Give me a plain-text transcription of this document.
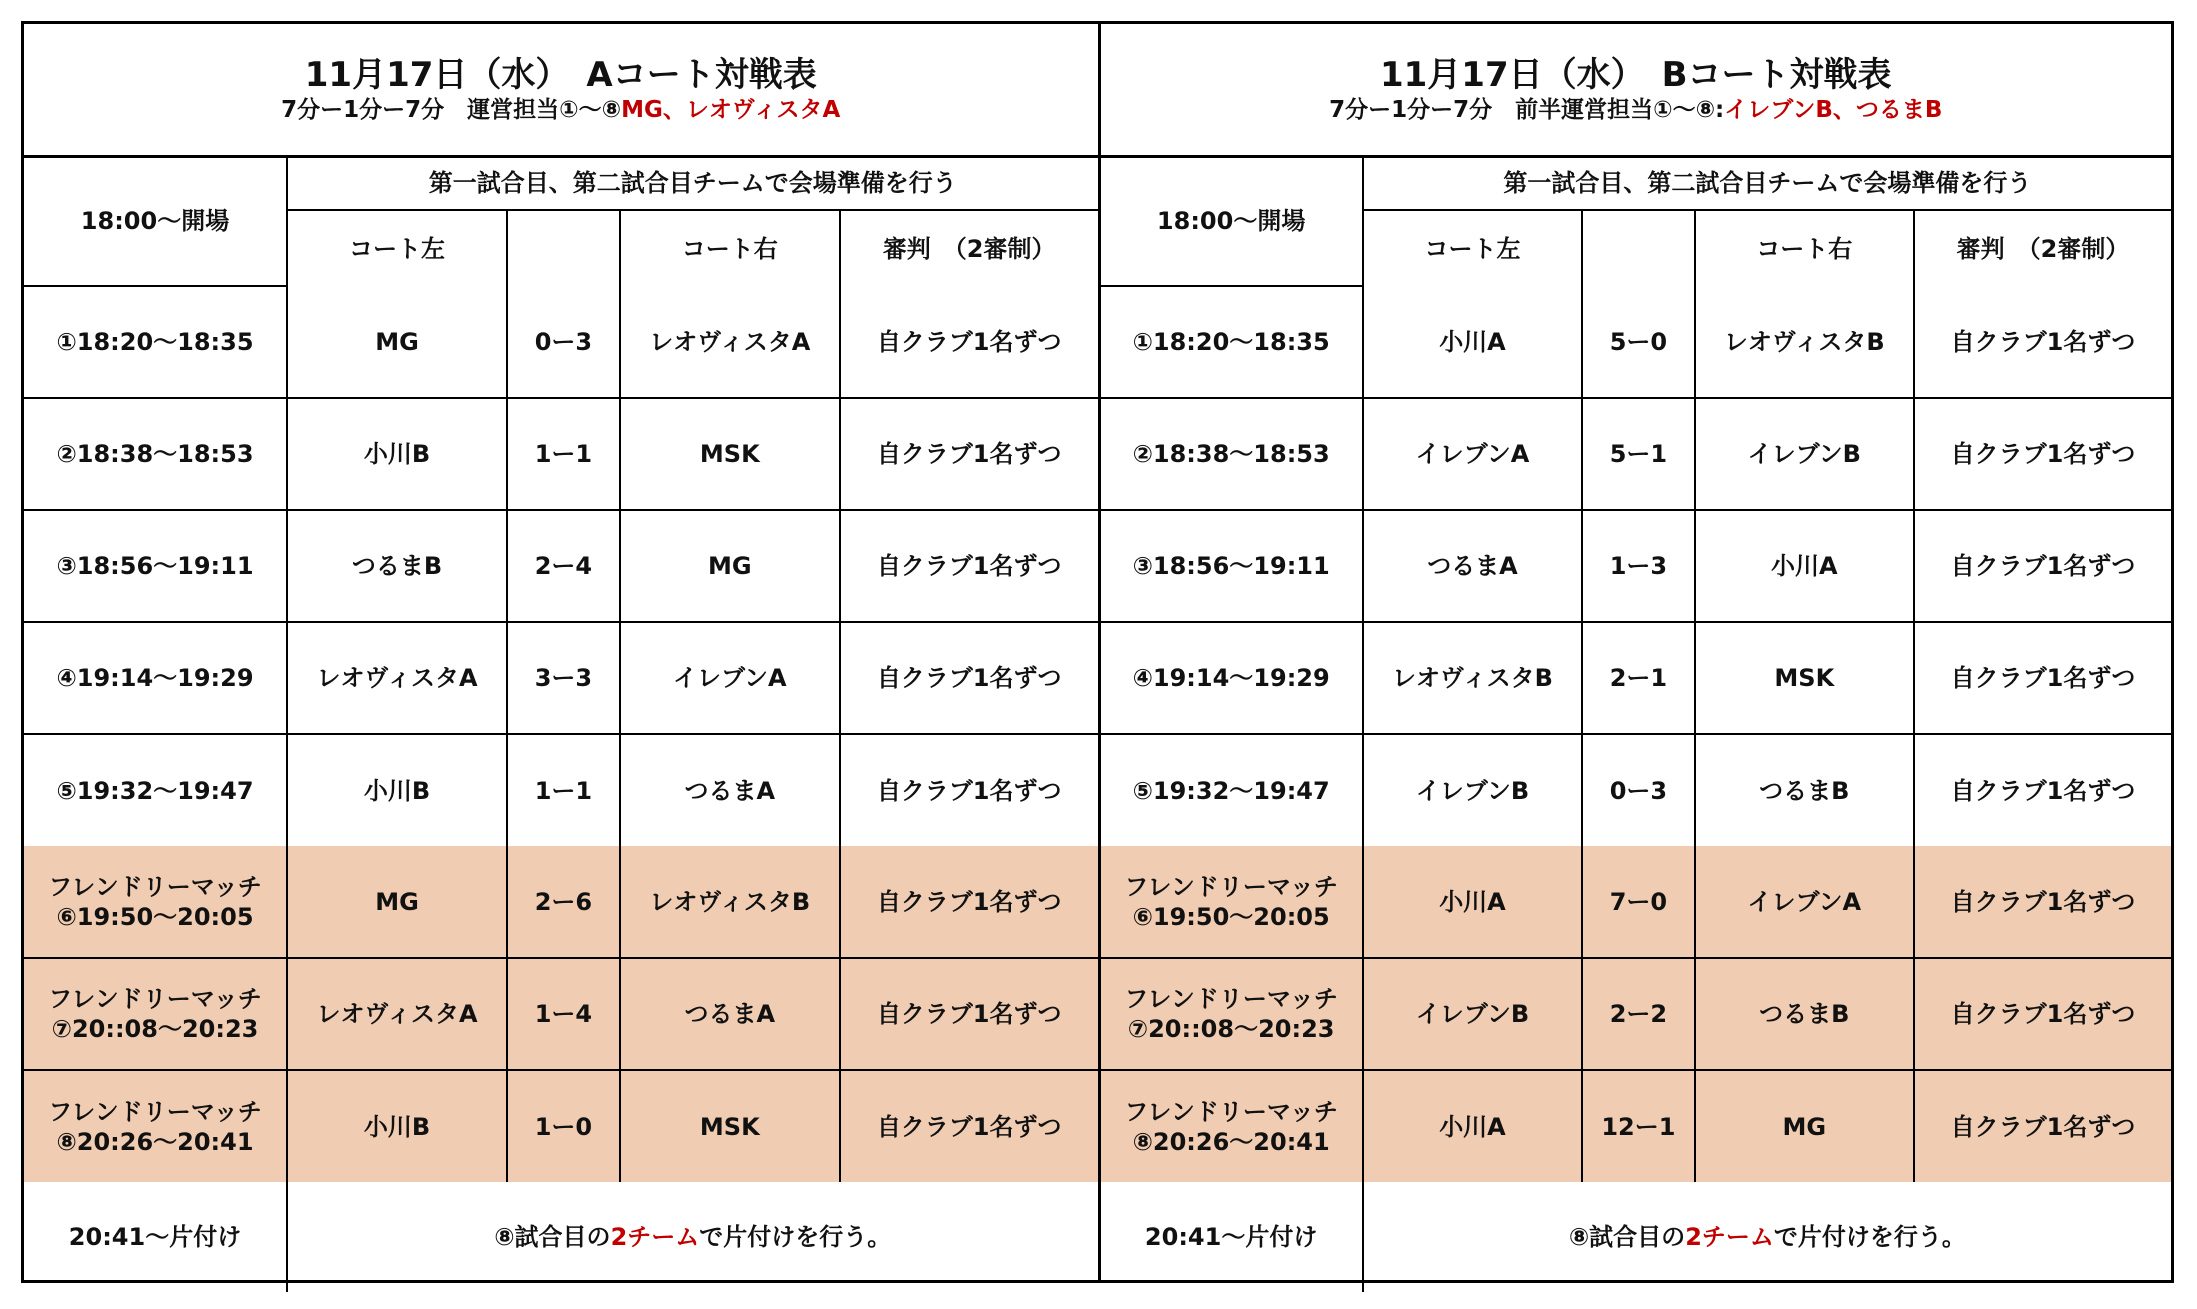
11月17日（水）　Aコート対戦表
7分ー1分ー7分　運営担当①～⑧MG、レオヴィスタA				

18:00～開場	第一試合目、第二試合目チームで会場準備を行う			
	コート左		コート右	審判　（2審制）
①18:20～18:35	MG	0ー3	レオヴィスタA	自クラブ1名ずつ
②18:38～18:53	小川B	1ー1	MSK	自クラブ1名ずつ
③18:56～19:11	つるまB	2ー4	MG	自クラブ1名ずつ
④19:14～19:29	レオヴィスタA	3ー3	イレブンA	自クラブ1名ずつ
⑤19:32～19:47	小川B	1ー1	つるまA	自クラブ1名ずつ

フレンドリーマッチ
⑥19:50～20:05	MG	2ー6	レオヴィスタB	自クラブ1名ずつ

フレンドリーマッチ
⑦20::08～20:23	レオヴィスタA	1ー4	つるまA	自クラブ1名ずつ

フレンドリーマッチ
⑧20:26～20:41	小川B	1ー0	MSK	自クラブ1名ずつ
20:41～片付け	⑧試合目の2チームで片付けを行う。			
11月17日（水）　Bコート対戦表
7分ー1分ー7分　前半運営担当①～⑧:イレブンB、つるまB				

18:00～開場	第一試合目、第二試合目チームで会場準備を行う			
	コート左		コート右	審判　（2審制）
①18:20～18:35	小川A	5ー0	レオヴィスタB	自クラブ1名ずつ
②18:38～18:53	イレブンA	5ー1	イレブンB	自クラブ1名ずつ
③18:56～19:11	つるまA	1ー3	小川A	自クラブ1名ずつ
④19:14～19:29	レオヴィスタB	2ー1	MSK	自クラブ1名ずつ
⑤19:32～19:47	イレブンB	0ー3	つるまB	自クラブ1名ずつ

フレンドリーマッチ
⑥19:50～20:05	小川A	7ー0	イレブンA	自クラブ1名ずつ

フレンドリーマッチ
⑦20::08～20:23	イレブンB	2ー2	つるまB	自クラブ1名ずつ

フレンドリーマッチ
⑧20:26～20:41	小川A	12ー1	MG	自クラブ1名ずつ
20:41～片付け	⑧試合目の2チームで片付けを行う。			
